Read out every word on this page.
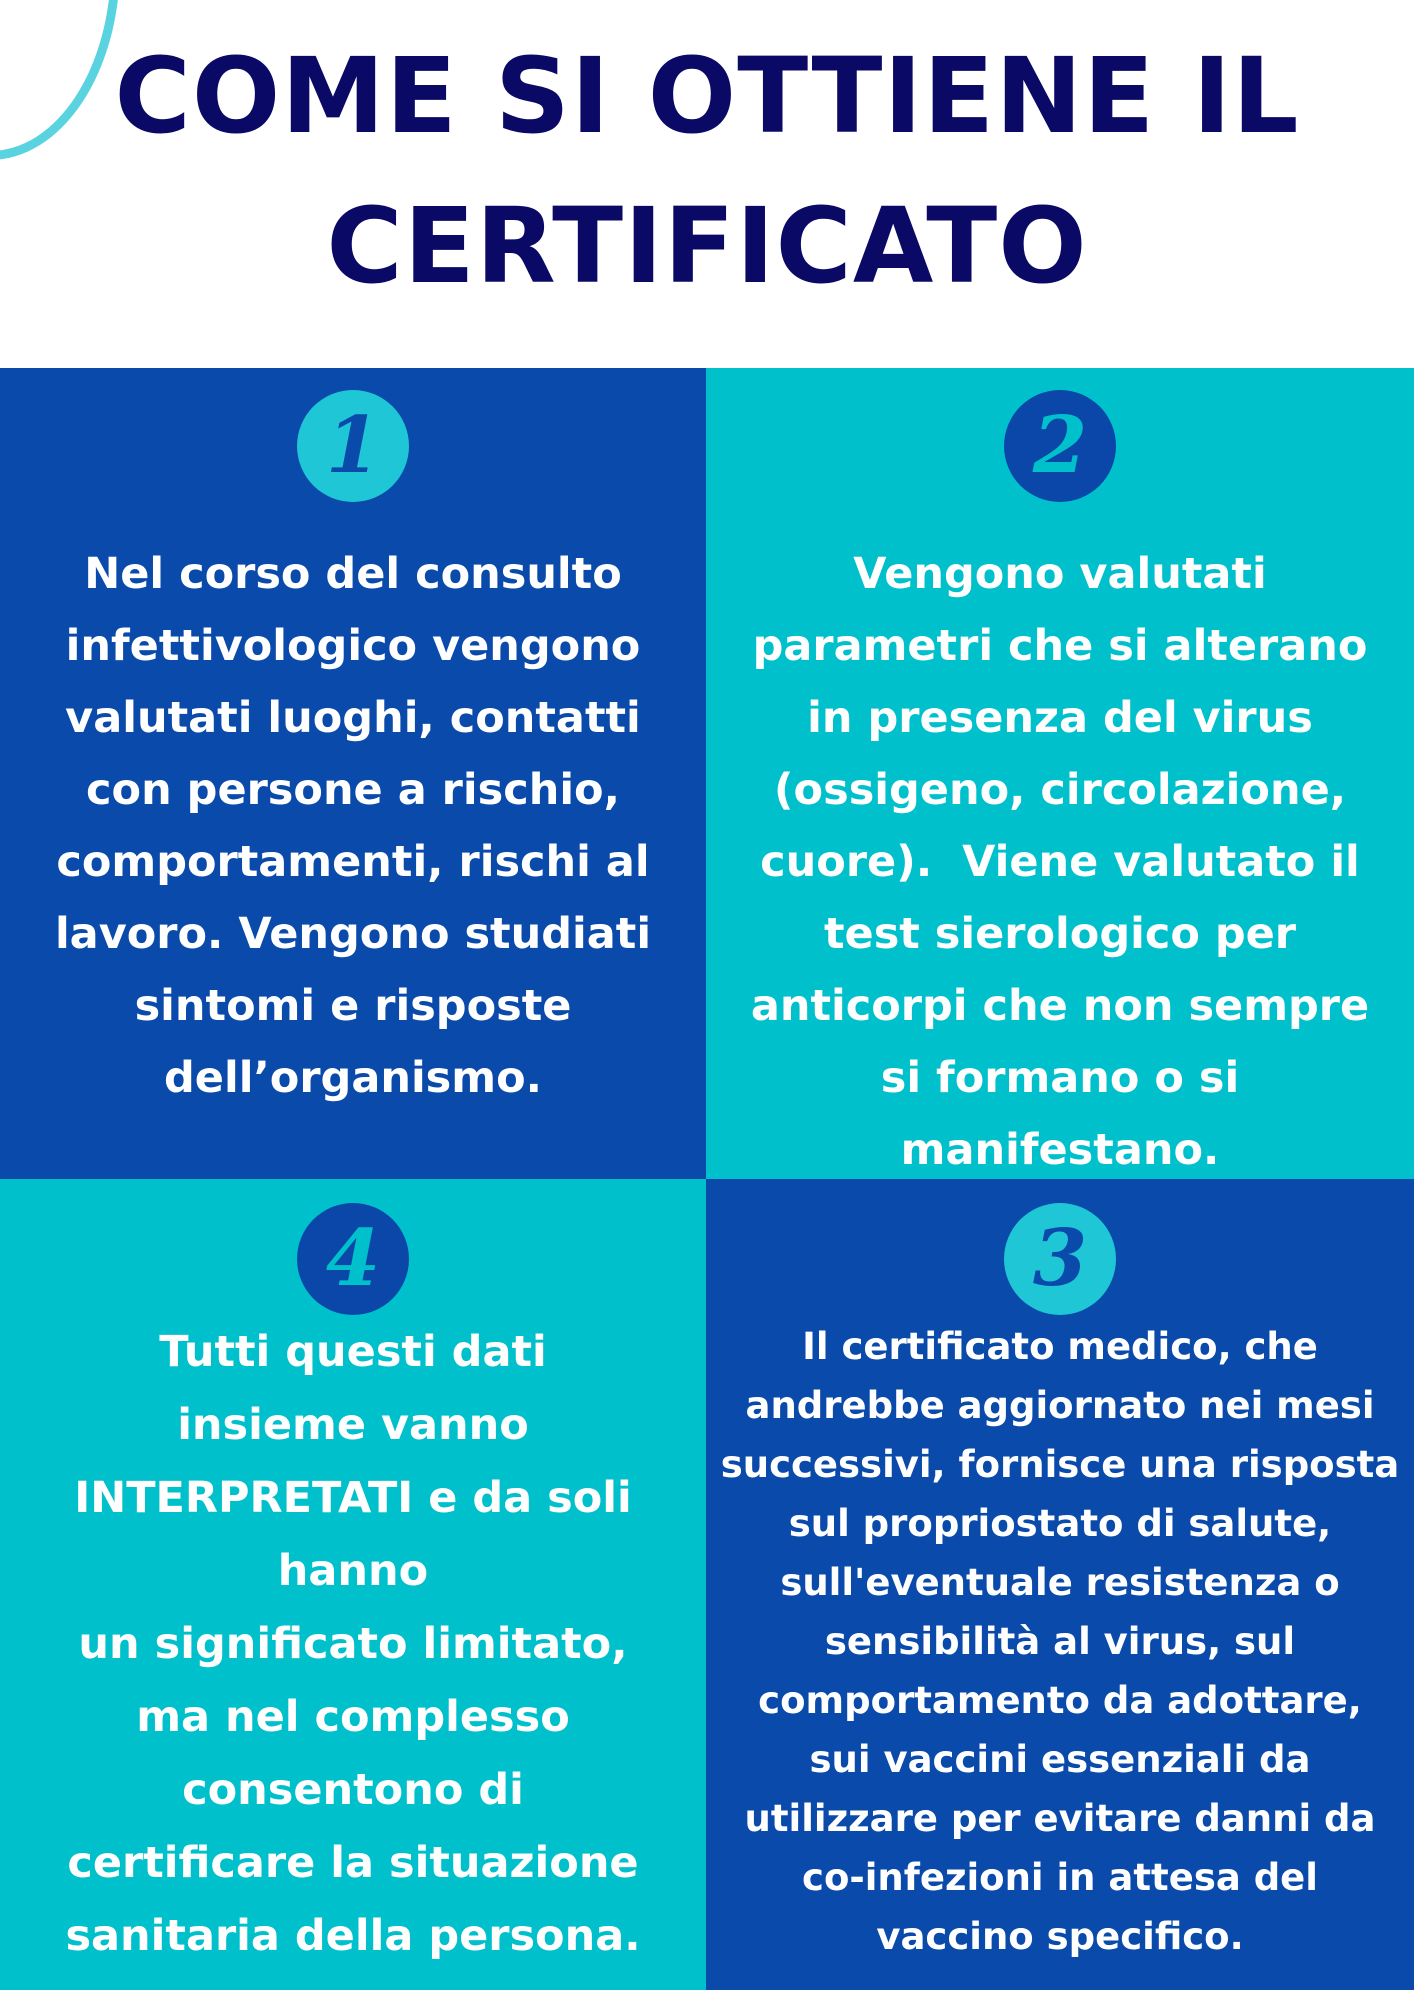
COME SI OTTIENE IL
CERTIFICATO
1

Nel corso del consulto
infettivologico vengono
valutati luoghi, contatti
con persone a rischio,
comportamenti, rischi al
lavoro. Vengono studiati
sintomi e risposte
dell’organismo.

2

Vengono valutati
parametri che si alterano
in presenza del virus
(ossigeno, circolazione,
cuore).  Viene valutato il
test sierologico per
anticorpi che non sempre
si formano o si
manifestano.

4

Tutti questi dati
insieme vanno
INTERPRETATI e da soli
hanno
un significato limitato,
ma nel complesso
consentono di
certificare la situazione
sanitaria della persona.

3

Il certificato medico, che
andrebbe aggiornato nei mesi
successivi, fornisce una risposta
sul propriostato di salute,
sull'eventuale resistenza o
sensibilità al virus, sul
comportamento da adottare,
sui vaccini essenziali da
utilizzare per evitare danni da
co-infezioni in attesa del
vaccino specifico.
